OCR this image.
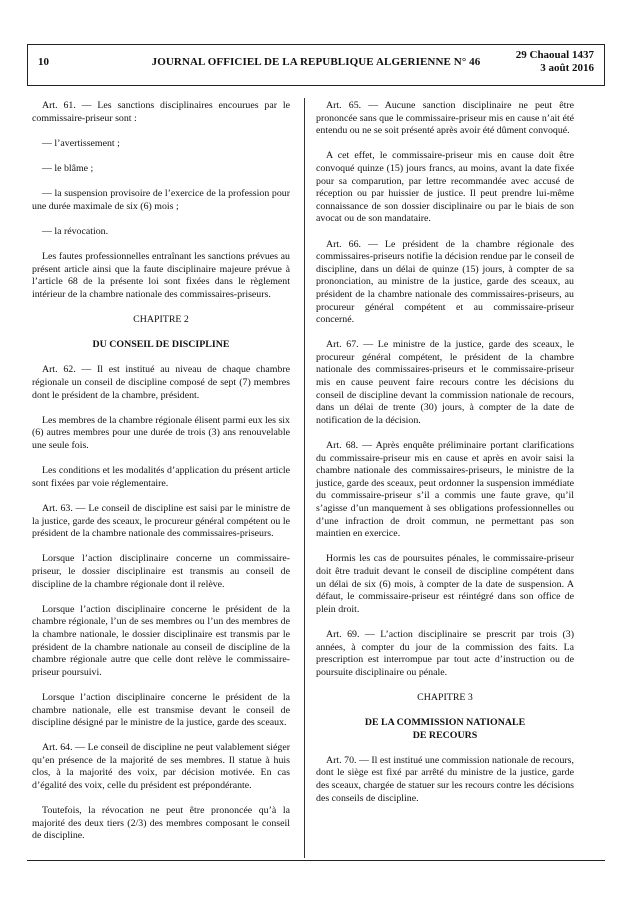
10	JOURNAL OFFICIEL DE LA REPUBLIQUE ALGERIENNE N° 46
29 Chaoual 1437
3 août 2016

Art. 61. — Les sanctions disciplinaires encourues par le commissaire-priseur sont :

— l’avertissement ;

— le blâme ;

— la suspension provisoire de l’exercice de la profession pour une durée maximale de six (6) mois ;

— la révocation.

Les fautes professionnelles entraînant les sanctions prévues au présent article ainsi que la faute disciplinaire majeure prévue à l’article 68 de la présente loi sont fixées dans le règlement intérieur de la chambre nationale des commissaires-priseurs.

CHAPITRE 2
DU CONSEIL DE DISCIPLINE

Art. 62. — Il est institué au niveau de chaque chambre régionale un conseil de discipline composé de sept (7) membres dont le président de la chambre, président.

Les membres de la chambre régionale élisent parmi eux les six (6) autres membres pour une durée de trois (3) ans renouvelable une seule fois.

Les conditions et les modalités d’application du présent article sont fixées par voie réglementaire.

Art. 63. — Le conseil de discipline est saisi par le ministre de la justice, garde des sceaux, le procureur général compétent ou le président de la chambre nationale des commissaires-priseurs.

Lorsque l’action disciplinaire concerne un commissaire-priseur, le dossier disciplinaire est transmis au conseil de discipline de la chambre régionale dont il relève.

Lorsque l’action disciplinaire concerne le président de la chambre régionale, l’un de ses membres ou l’un des membres de la chambre nationale, le dossier disciplinaire est transmis par le président de la chambre nationale au conseil de discipline de la chambre régionale autre que celle dont relève le commissaire-priseur poursuivi.

Lorsque l’action disciplinaire concerne le président de la chambre nationale, elle est transmise devant le conseil de discipline désigné par le ministre de la justice, garde des sceaux.

Art. 64. — Le conseil de discipline ne peut valablement siéger qu’en présence de la majorité de ses membres. Il statue à huis clos, à la majorité des voix, par décision motivée. En cas d’égalité des voix, celle du président est prépondérante.

Toutefois, la révocation ne peut être prononcée qu’à la majorité des deux tiers (2/3) des membres composant le conseil de discipline.

Art. 65. — Aucune sanction disciplinaire ne peut être prononcée sans que le commissaire-priseur mis en cause n’ait été entendu ou ne se soit présenté après avoir été dûment convoqué.

A cet effet, le commissaire-priseur mis en cause doit être convoqué quinze (15) jours francs, au moins, avant la date fixée pour sa comparution, par lettre recommandée avec accusé de réception ou par huissier de justice. Il peut prendre lui-même connaissance de son dossier disciplinaire ou par le biais de son avocat ou de son mandataire.

Art. 66. — Le président de la chambre régionale des commissaires-priseurs notifie la décision rendue par le conseil de discipline, dans un délai de quinze (15) jours, à compter de sa prononciation, au ministre de la justice, garde des sceaux, au président de la chambre nationale des commissaires-priseurs, au procureur général compétent et au commissaire-priseur concerné.

Art. 67. — Le ministre de la justice, garde des sceaux, le procureur général compétent, le président de la chambre nationale des commissaires-priseurs et le commissaire-priseur mis en cause peuvent faire recours contre les décisions du conseil de discipline devant la commission nationale de recours, dans un délai de trente (30) jours, à compter de la date de notification de la décision.

Art. 68. — Après enquête préliminaire portant clarifications du commissaire-priseur mis en cause et après en avoir saisi la chambre nationale des commissaires-priseurs, le ministre de la justice, garde des sceaux, peut ordonner la suspension immédiate du commissaire-priseur s’il a commis une faute grave, qu’il s’agisse d’un manquement à ses obligations professionnelles ou d’une infraction de droit commun, ne permettant pas son maintien en exercice.

Hormis les cas de poursuites pénales, le commissaire-priseur doit être traduit devant le conseil de discipline compétent dans un délai de six (6) mois, à compter de la date de suspension. A défaut, le commissaire-priseur est réintégré dans son office de plein droit.

Art. 69. — L’action disciplinaire se prescrit par trois (3) années, à compter du jour de la commission des faits. La prescription est interrompue par tout acte d’instruction ou de poursuite disciplinaire ou pénale.

CHAPITRE 3
DE LA COMMISSION NATIONALE
DE RECOURS

Art. 70. — Il est institué une commission nationale de recours, dont le siège est fixé par arrêté du ministre de la justice, garde des sceaux, chargée de statuer sur les recours contre les décisions des conseils de discipline.
